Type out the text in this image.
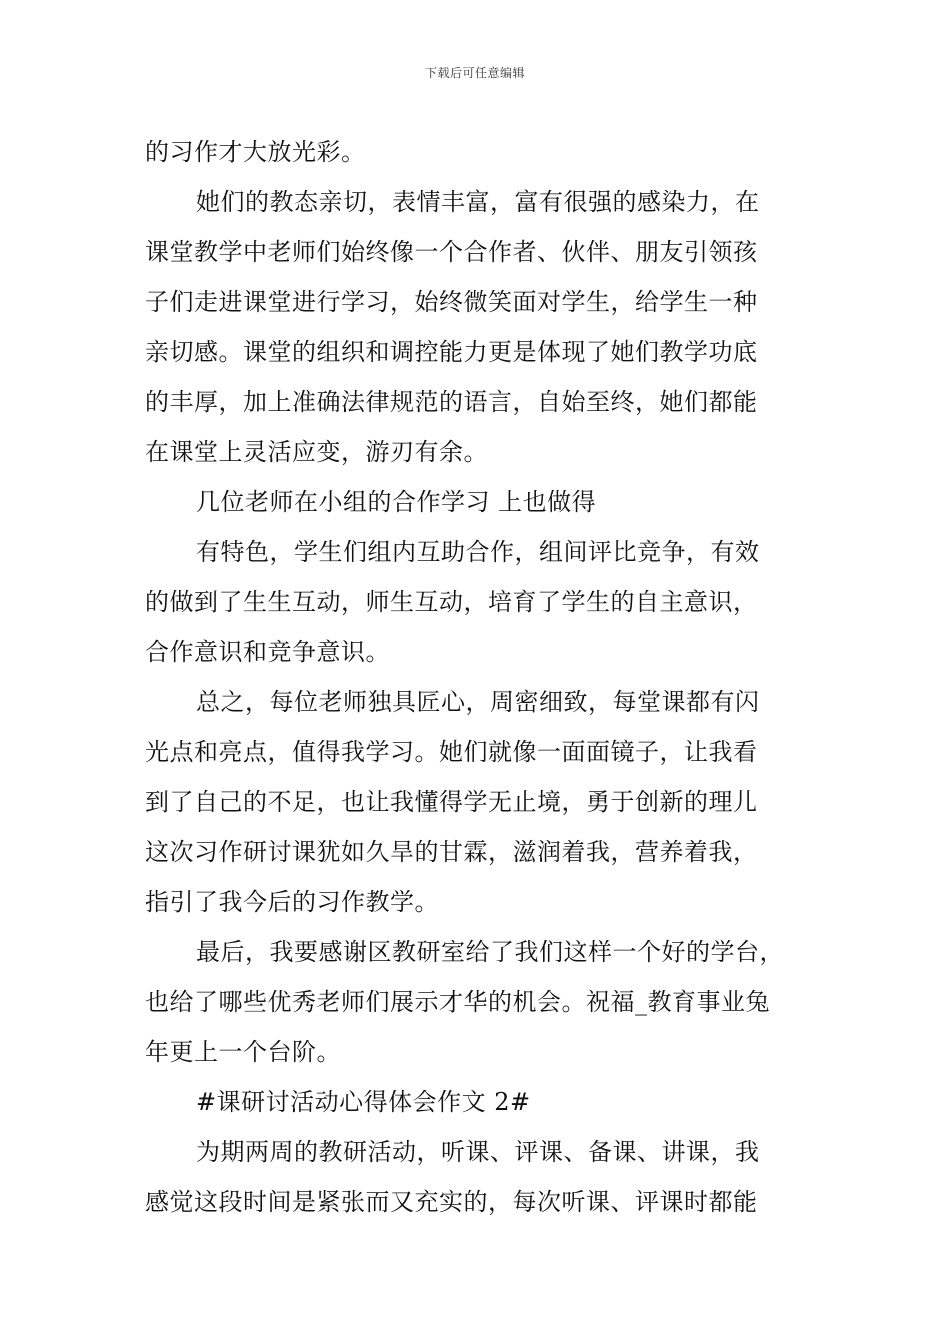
下载后可任意编辑
的习作才大放光彩。
她们的教态亲切，表情丰富，富有很强的感染力，在
课堂教学中老师们始终像一个合作者、伙伴、朋友引领孩
子们走进课堂进行学习，始终微笑面对学生，给学生一种
亲切感。课堂的组织和调控能力更是体现了她们教学功底
的丰厚，加上准确法律规范的语言，自始至终，她们都能
在课堂上灵活应变，游刃有余。
几位老师在小组的合作学习 上也做得
有特色，学生们组内互助合作，组间评比竞争，有效
的做到了生生互动，师生互动，培育了学生的自主意识，
合作意识和竞争意识。
总之，每位老师独具匠心，周密细致，每堂课都有闪
光点和亮点，值得我学习。她们就像一面面镜子，让我看
到了自己的不足，也让我懂得学无止境，勇于创新的理儿
这次习作研讨课犹如久旱的甘霖，滋润着我，营养着我，
指引了我今后的习作教学。
最后，我要感谢区教研室给了我们这样一个好的学台，
也给了哪些优秀老师们展示才华的机会。祝福_教育事业兔
年更上一个台阶。
#课研讨活动心得体会作文 2#
为期两周的教研活动，听课、评课、备课、讲课，我
感觉这段时间是紧张而又充实的，每次听课、评课时都能
